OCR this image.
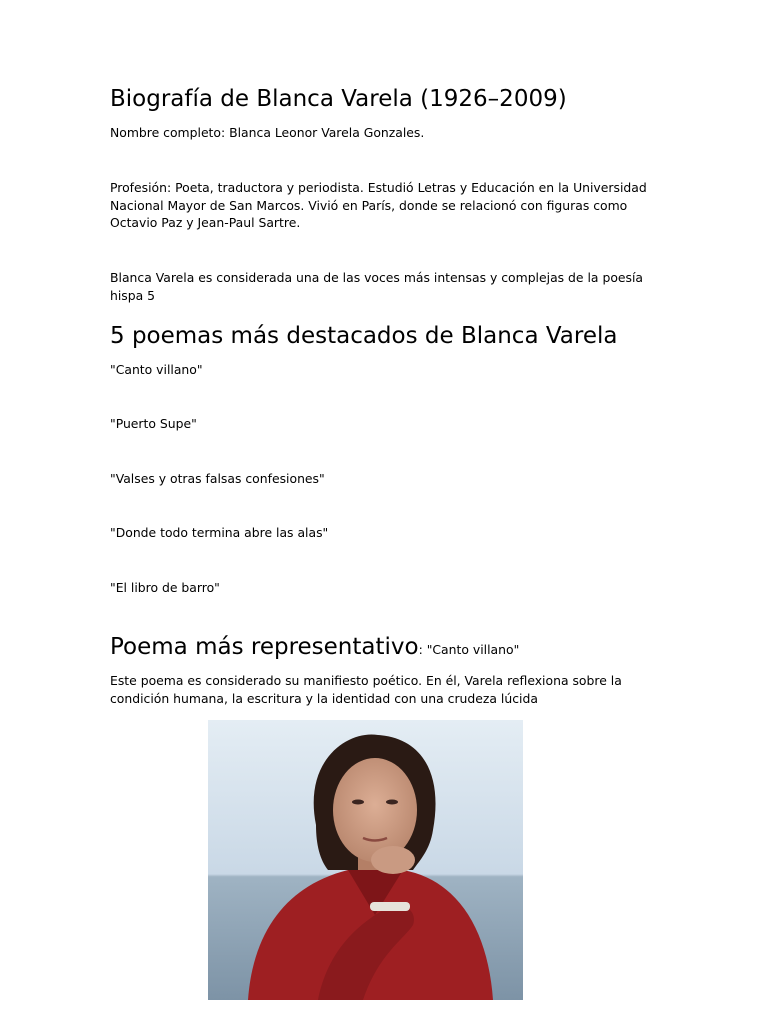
Biografía de Blanca Varela (1926–2009)

Nombre completo: Blanca Leonor Varela Gonzales.

Profesión: Poeta, traductora y periodista. Estudió Letras y Educación en la Universidad Nacional Mayor de San Marcos. Vivió en París, donde se relacionó con figuras como Octavio Paz y Jean-Paul Sartre.

Blanca Varela es considerada una de las voces más intensas y complejas de la poesía hispa 5

5 poemas más destacados de Blanca Varela

"Canto villano"

"Puerto Supe"

"Valses y otras falsas confesiones"

"Donde todo termina abre las alas"

"El libro de barro"

Poema más representativo: "Canto villano"

Este poema es considerado su manifiesto poético. En él, Varela reflexiona sobre la condición humana, la escritura y la identidad con una crudeza lúcida
